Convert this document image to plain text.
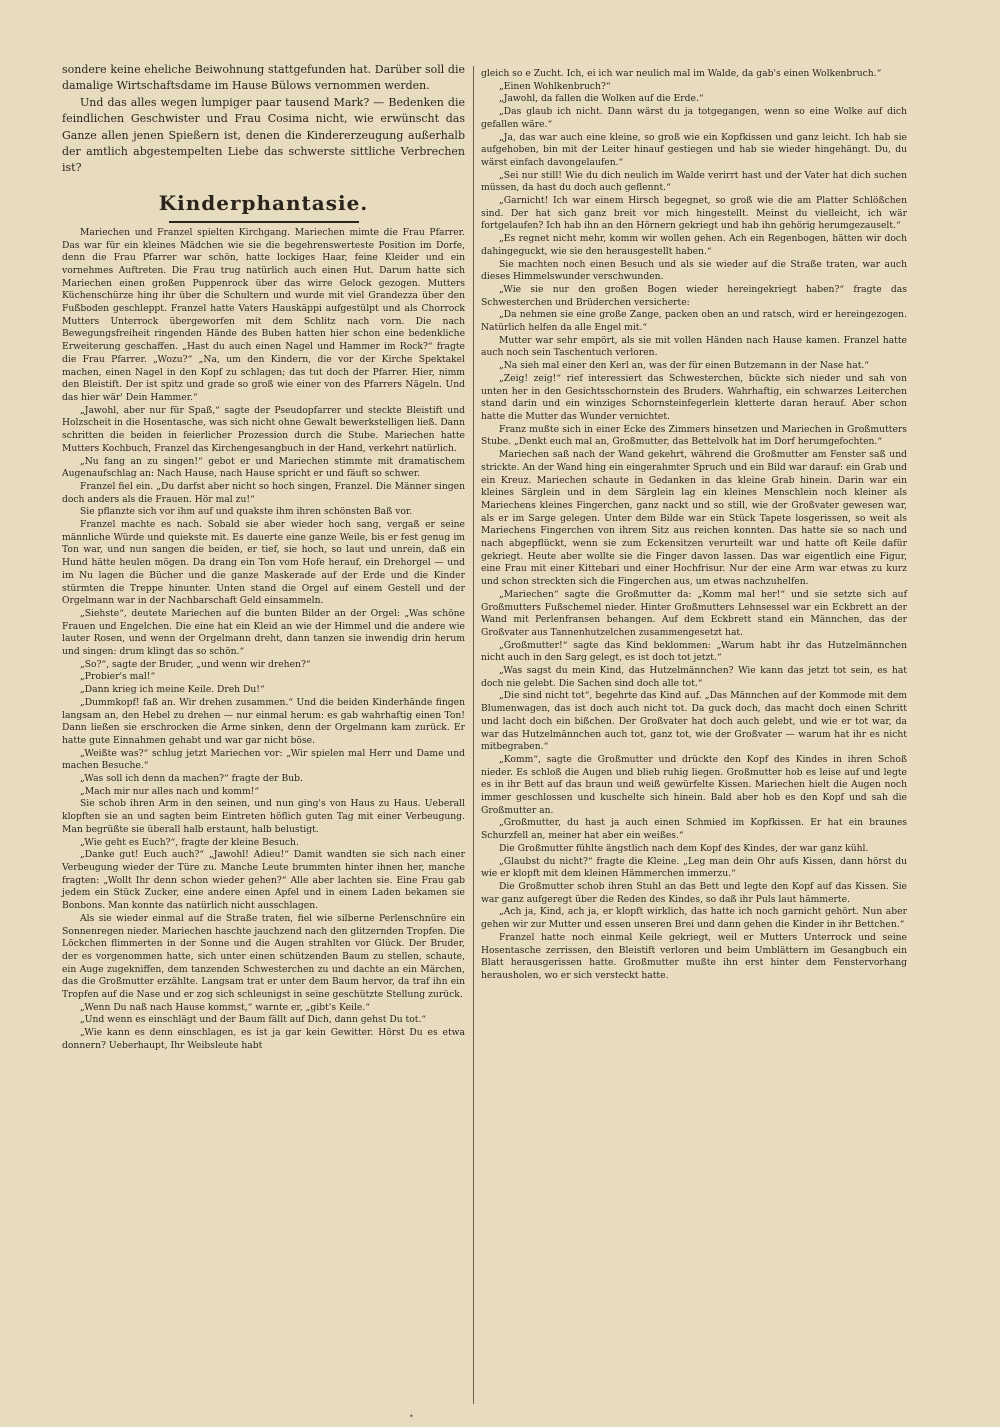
sondere keine eheliche Beiwohnung stattgefunden hat. Darüber soll die damalige Wirtschaftsdame im Hause Bülows vernommen werden.

Und das alles wegen lumpiger paar tausend Mark? — Bedenken die feindlichen Geschwister und Frau Cosima nicht, wie erwünscht das Ganze allen jenen Spießern ist, denen die Kindererzeugung außerhalb der amtlich abgestempelten Liebe das schwerste sittliche Verbrechen ist?

Kinderphantasie.

Mariechen und Franzel spielten Kirchgang. Mariechen mimte die Frau Pfarrer. Das war für ein kleines Mädchen wie sie die begehrenswerteste Position im Dorfe, denn die Frau Pfarrer war schön, hatte lockiges Haar, feine Kleider und ein vornehmes Auftreten. Die Frau trug natürlich auch einen Hut. Darum hatte sich Mariechen einen großen Puppenrock über das wirre Gelock gezogen. Mutters Küchenschürze hing ihr über die Schultern und wurde mit viel Grandezza über den Fußboden geschleppt. Franzel hatte Vaters Hauskäppi aufgestülpt und als Chorrock Mutters Unterrock übergeworfen mit dem Schlitz nach vorn. Die nach Bewegungsfreiheit ringenden Hände des Buben hatten hier schon eine bedenkliche Erweiterung geschaffen. „Hast du auch einen Nagel und Hammer im Rock?“ fragte die Frau Pfarrer. „Wozu?“ „Na, um den Kindern, die vor der Kirche Spektakel machen, einen Nagel in den Kopf zu schlagen; das tut doch der Pfarrer. Hier, nimm den Bleistift. Der ist spitz und grade so groß wie einer von des Pfarrers Nägeln. Und das hier wär' Dein Hammer.“

„Jawohl, aber nur für Spaß,“ sagte der Pseudopfarrer und steckte Bleistift und Holzscheit in die Hosentasche, was sich nicht ohne Gewalt bewerkstelligen ließ. Dann schritten die beiden in feierlicher Prozession durch die Stube. Mariechen hatte Mutters Kochbuch, Franzel das Kirchengesangbuch in der Hand, verkehrt natürlich.

„Nu fang an zu singen!“ gebot er und Mariechen stimmte mit dramatischem Augenaufschlag an: Nach Hause, nach Hause spricht er und fäuft so schwer.

Franzel fiel ein. „Du darfst aber nicht so hoch singen, Franzel. Die Männer singen doch anders als die Frauen. Hör mal zu!“

Sie pflanzte sich vor ihm auf und quakste ihm ihren schönsten Baß vor.

Franzel machte es nach. Sobald sie aber wieder hoch sang, vergaß er seine männliche Würde und quiekste mit. Es dauerte eine ganze Weile, bis er fest genug im Ton war, und nun sangen die beiden, er tief, sie hoch, so laut und unrein, daß ein Hund hätte heulen mögen. Da drang ein Ton vom Hofe herauf, ein Drehorgel — und im Nu lagen die Bücher und die ganze Maskerade auf der Erde und die Kinder stürmten die Treppe hinunter. Unten stand die Orgel auf einem Gestell und der Orgelmann war in der Nachbarschaft Geld einsammeln.

„Siehste“, deutete Mariechen auf die bunten Bilder an der Orgel: „Was schöne Frauen und Engelchen. Die eine hat ein Kleid an wie der Himmel und die andere wie lauter Rosen, und wenn der Orgelmann dreht, dann tanzen sie inwendig drin herum und singen: drum klingt das so schön.“

„So?“, sagte der Bruder, „und wenn wir drehen?“

„Probier's mal!“

„Dann krieg ich meine Keile. Dreh Du!“

„Dummkopf! faß an. Wir drehen zusammen.“ Und die beiden Kinderhände fingen langsam an, den Hebel zu drehen — nur einmal herum: es gab wahrhaftig einen Ton! Dann ließen sie erschrocken die Arme sinken, denn der Orgelmann kam zurück. Er hatte gute Einnahmen gehabt und war gar nicht böse.

„Weißte was?“ schlug jetzt Mariechen vor: „Wir spielen mal Herr und Dame und machen Besuche.“

„Was soll ich denn da machen?“ fragte der Bub.

„Mach mir nur alles nach und komm!“

Sie schob ihren Arm in den seinen, und nun ging's von Haus zu Haus. Ueberall klopften sie an und sagten beim Eintreten höflich guten Tag mit einer Verbeugung. Man begrüßte sie überall halb erstaunt, halb belustigt.

„Wie geht es Euch?“, fragte der kleine Besuch.

„Danke gut! Euch auch?“ „Jawohl! Adieu!“ Damit wandten sie sich nach einer Verbeugung wieder der Türe zu. Manche Leute brummten hinter ihnen her, manche fragten: „Wollt Ihr denn schon wieder gehen?“ Alle aber lachten sie. Eine Frau gab jedem ein Stück Zucker, eine andere einen Apfel und in einem Laden bekamen sie Bonbons. Man konnte das natürlich nicht ausschlagen.

Als sie wieder einmal auf die Straße traten, fiel wie silberne Perlenschnüre ein Sonnenregen nieder. Mariechen haschte jauchzend nach den glitzernden Tropfen. Die Löckchen flimmerten in der Sonne und die Augen strahlten vor Glück. Der Bruder, der es vorgenommen hatte, sich unter einen schützenden Baum zu stellen, schaute, ein Auge zugekniffen, dem tanzenden Schwesterchen zu und dachte an ein Märchen, das die Großmutter erzählte. Langsam trat er unter dem Baum hervor, da traf ihn ein Tropfen auf die Nase und er zog sich schleunigst in seine geschützte Stellung zurück.

„Wenn Du naß nach Hause kommst,“ warnte er, „gibt's Keile.“

„Und wenn es einschlägt und der Baum fällt auf Dich, dann gehst Du tot.“

„Wie kann es denn einschlagen, es ist ja gar kein Gewitter. Hörst Du es etwa donnern? Ueberhaupt, Ihr Weibsleute habt

gleich so e Zucht. Ich, ei ich war neulich mal im Walde, da gab's einen Wolkenbruch.“

„Einen Wohlkenbruch?“

„Jawohl, da fallen die Wolken auf die Erde.“

„Das glaub ich nicht. Dann wärst du ja totgegangen, wenn so eine Wolke auf dich gefallen wäre.“

„Ja, das war auch eine kleine, so groß wie ein Kopfkissen und ganz leicht. Ich hab sie aufgehoben, bin mit der Leiter hinauf gestiegen und hab sie wieder hingehängt. Du, du wärst einfach davongelaufen.“

„Sei nur still! Wie du dich neulich im Walde verirrt hast und der Vater hat dich suchen müssen, da hast du doch auch geflennt.“

„Garnicht! Ich war einem Hirsch begegnet, so groß wie die am Platter Schlößchen sind. Der hat sich ganz breit vor mich hingestellt. Meinst du vielleicht, ich wär fortgelaufen? Ich hab ihn an den Hörnern gekriegt und hab ihn gehörig herumgezauselt.“

„Es regnet nicht mehr, komm wir wollen gehen. Ach ein Regenbogen, hätten wir doch dahingeguckt, wie sie den herausgestellt haben.“

Sie machten noch einen Besuch und als sie wieder auf die Straße traten, war auch dieses Himmelswunder verschwunden.

„Wie sie nur den großen Bogen wieder hereingekriegt haben?“ fragte das Schwesterchen und Brüderchen versicherte:

„Da nehmen sie eine große Zange, packen oben an und ratsch, wird er hereingezogen. Natürlich helfen da alle Engel mit.“

Mutter war sehr empört, als sie mit vollen Händen nach Hause kamen. Franzel hatte auch noch sein Taschentuch verloren.

„Na sieh mal einer den Kerl an, was der für einen Butzemann in der Nase hat.“

„Zeig! zeig!“ rief interessiert das Schwesterchen, bückte sich nieder und sah von unten her in den Gesichtsschornstein des Bruders. Wahrhaftig, ein schwarzes Leiterchen stand darin und ein winziges Schornsteinfegerlein kletterte daran herauf. Aber schon hatte die Mutter das Wunder vernichtet.

Franz mußte sich in einer Ecke des Zimmers hinsetzen und Mariechen in Großmutters Stube. „Denkt euch mal an, Großmutter, das Bettelvolk hat im Dorf herumgefochten.“

Mariechen saß nach der Wand gekehrt, während die Großmutter am Fenster saß und strickte. An der Wand hing ein eingerahmter Spruch und ein Bild war darauf: ein Grab und ein Kreuz. Mariechen schaute in Gedanken in das kleine Grab hinein. Darin war ein kleines Särglein und in dem Särglein lag ein kleines Menschlein noch kleiner als Mariechens kleines Fingerchen, ganz nackt und so still, wie der Großvater gewesen war, als er im Sarge gelegen. Unter dem Bilde war ein Stück Tapete losgerissen, so weit als Mariechens Fingerchen von ihrem Sitz aus reichen konnten. Das hatte sie so nach und nach abgepflückt, wenn sie zum Eckensitzen verurteilt war und hatte oft Keile dafür gekriegt. Heute aber wollte sie die Finger davon lassen. Das war eigentlich eine Figur, eine Frau mit einer Kittebari und einer Hochfrisur. Nur der eine Arm war etwas zu kurz und schon streckten sich die Fingerchen aus, um etwas nachzuhelfen.

„Mariechen“ sagte die Großmutter da: „Komm mal her!“ und sie setzte sich auf Großmutters Fußschemel nieder. Hinter Großmutters Lehnsessel war ein Eckbrett an der Wand mit Perlenfransen behangen. Auf dem Eckbrett stand ein Männchen, das der Großvater aus Tannenhutzelchen zusammengesetzt hat.

„Großmutter!“ sagte das Kind beklommen: „Warum habt ihr das Hutzelmännchen nicht auch in den Sarg gelegt, es ist doch tot jetzt.“

„Was sagst du mein Kind, das Hutzelmännchen? Wie kann das jetzt tot sein, es hat doch nie gelebt. Die Sachen sind doch alle tot.“

„Die sind nicht tot“, begehrte das Kind auf. „Das Männchen auf der Kommode mit dem Blumenwagen, das ist doch auch nicht tot. Da guck doch, das macht doch einen Schritt und lacht doch ein bißchen. Der Großvater hat doch auch gelebt, und wie er tot war, da war das Hutzelmännchen auch tot, ganz tot, wie der Großvater — warum hat ihr es nicht mitbegraben.“

„Komm“, sagte die Großmutter und drückte den Kopf des Kindes in ihren Schoß nieder. Es schloß die Augen und blieb ruhig liegen. Großmutter hob es leise auf und legte es in ihr Bett auf das braun und weiß gewürfelte Kissen. Mariechen hielt die Augen noch immer geschlossen und kuschelte sich hinein. Bald aber hob es den Kopf und sah die Großmutter an.

„Großmutter, du hast ja auch einen Schmied im Kopfkissen. Er hat ein braunes Schurzfell an, meiner hat aber ein weißes.“

Die Großmutter fühlte ängstlich nach dem Kopf des Kindes, der war ganz kühl.

„Glaubst du nicht?“ fragte die Kleine. „Leg man dein Ohr aufs Kissen, dann hörst du wie er klopft mit dem kleinen Hämmerchen immerzu.“

Die Großmutter schob ihren Stuhl an das Bett und legte den Kopf auf das Kissen. Sie war ganz aufgeregt über die Reden des Kindes, so daß ihr Puls laut hämmerte.

„Ach ja, Kind, ach ja, er klopft wirklich, das hatte ich noch garnicht gehört. Nun aber gehen wir zur Mutter und essen unseren Brei und dann gehen die Kinder in ihr Bettchen.“

Franzel hatte noch einmal Keile gekriegt, weil er Mutters Unterrock und seine Hosentasche zerrissen, den Bleistift verloren und beim Umblättern im Gesangbuch ein Blatt herausgerissen hatte. Großmutter mußte ihn erst hinter dem Fenstervorhang herausholen, wo er sich versteckt hatte.

•
